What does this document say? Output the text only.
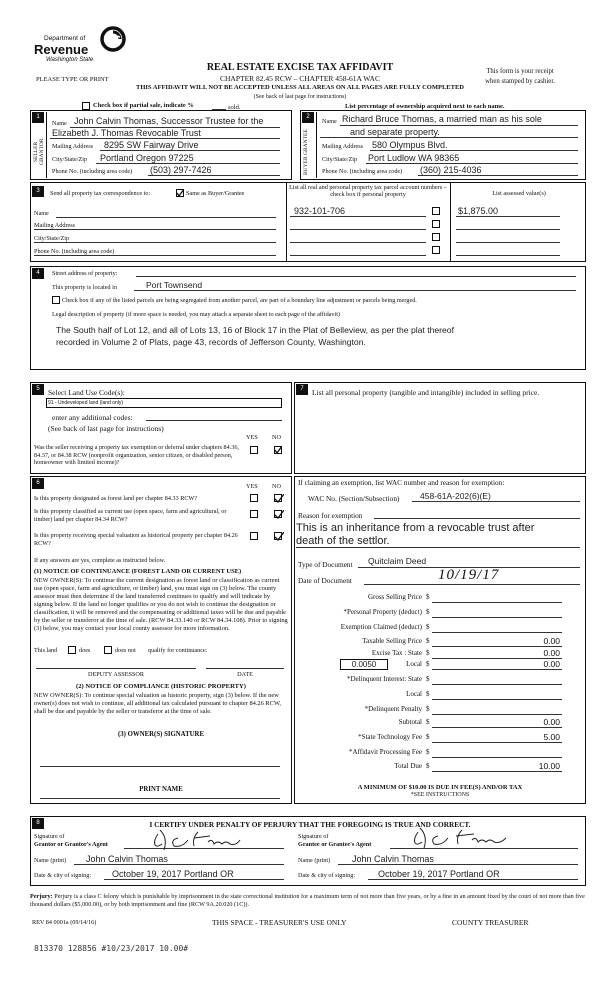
Department of
Revenue
Washington State
PLEASE TYPE OR PRINT
REAL ESTATE EXCISE TAX AFFIDAVIT
CHAPTER 82.45 RCW – CHAPTER 458-61A WAC
THIS AFFIDAVIT WILL NOT BE ACCEPTED UNLESS ALL AREAS ON ALL PAGES ARE FULLY COMPLETED
(See back of last page for instructions)
This form is your receipt
when stamped by cashier.
Check box if partial sale, indicate %	sold.	List percentage of ownership acquired next to each name.
1	2
SELLER GRANTOR	BUYER GRANTEE
Name John Calvin Thomas, Successor Trustee for the
Elizabeth J. Thomas Revocable Trust
Mailing Address 8295 SW Fairway Drive
City/State/Zip Portland Oregon 97225
Phone No. (including area code) (503) 297-7426
Name Richard Bruce Thomas, a married man as his sole
and separate property.
Mailing Address 580 Olympus Blvd.
City/State/Zip Port Ludlow WA 98365
Phone No. (including area code) (360) 215-4036
3	Send all property tax correspondence to:	Same as Buyer/Grantee
List all real and personal property tax parcel account numbers – check box if personal property	List assessed value(s)
Name
Mailing Address
City/State/Zip
Phone No. (including area code)
932-101-706	$1,875.00
4	Street address of property:
This property is located in	Port Townsend
Check box if any of the listed parcels are being segregated from another parcel, are part of a boundary line adjustment or parcels being merged.
Legal description of property (if more space is needed, you may attach a separate sheet to each page of the affidavit)
The South half of Lot 12, and all of Lots 13, 16 of Block 17 in the Plat of Belleview, as per the plat thereof
recorded in Volume 2 of Plats, page 43, records of Jefferson County, Washington.
5	Select Land Use Code(s):
91 - Undeveloped land (land only)
enter any additional codes:
(See back of last page for instructions)
YES NO
Was the seller receiving a property tax exemption or deferral under chapters 84.36, 84.37, or 84.38 RCW (nonprofit organization, senior citizen, or disabled person, homeowner with limited income)?
7	List all personal property (tangible and intangible) included in selling price.
6	YES NO
Is this property designated as forest land per chapter 84.33 RCW?
Is this property classified as current use (open space, farm and agricultural, or timber) land per chapter 84.34 RCW?
Is this property receiving special valuation as historical property per chapter 84.26 RCW?
If any answers are yes, complete as instructed below.
(1) NOTICE OF CONTINUANCE (FOREST LAND OR CURRENT USE)
NEW OWNER(S): To continue the current designation as forest land or classification as current use (open space, farm and agriculture, or timber) land, you must sign on (3) below. The county assessor must then determine if the land transferred continues to qualify and will indicate by signing below. If the land no longer qualifies or you do not wish to continue the designation or classification, it will be removed and the compensating or additional taxes will be due and payable by the seller or transferor at the time of sale. (RCW 84.33.140 or RCW 84.34.108). Prior to signing (3) below, you may contact your local county assessor for more information.
This land	does	does not qualify for continuance.
DEPUTY ASSESSOR	DATE
(2) NOTICE OF COMPLIANCE (HISTORIC PROPERTY)
NEW OWNER(S): To continue special valuation as historic property, sign (3) below. If the new owner(s) does not wish to continue, all additional tax calculated pursuant to chapter 84.26 RCW, shall be due and payable by the seller or transferor at the time of sale.
(3) OWNER(S) SIGNATURE
PRINT NAME
If claiming an exemption, list WAC number and reason for exemption:
WAC No. (Section/Subsection) 458-61A-202(6)(E)
Reason for exemption
This is an inheritance from a revocable trust after
death of the settlor.
Type of Document Quitclaim Deed
Date of Document	10/19/17
Gross Selling Price $
*Personal Property (deduct) $
Exemption Claimed (deduct) $
Taxable Selling Price $	0.00
Excise Tax : State $	0.00
0.0050	Local $	0.00
*Delinquent Interest: State $
Local $
*Delinquent Penalty $
Subtotal $	0.00
*State Technology Fee $	5.00
*Affidavit Processing Fee $
Total Due $	10.00
A MINIMUM OF $10.00 IS DUE IN FEE(S) AND/OR TAX
*SEE INSTRUCTIONS
8	I CERTIFY UNDER PENALTY OF PERJURY THAT THE FOREGOING IS TRUE AND CORRECT.
Signature of
Grantor or Grantor's Agent
Name (print) John Calvin Thomas
Date & city of signing: October 19, 2017 Portland OR
Signature of
Grantee or Grantee's Agent
Name (print) John Calvin Thomas
Date & city of signing:	October 19, 2017 Portland OR
Perjury: Perjury is a class C felony which is punishable by imprisonment in the state correctional institution for a maximum term of not more than five years, or by a fine in an amount fixed by the court of not more than five thousand dollars ($5,000.00), or by both imprisonment and fine (RCW 9A.20.020 (1C)).
REV 84 0001a (09/14/16)	THIS SPACE - TREASURER'S USE ONLY	COUNTY TREASURER
813370 128856 #10/23/2017 10.00#
